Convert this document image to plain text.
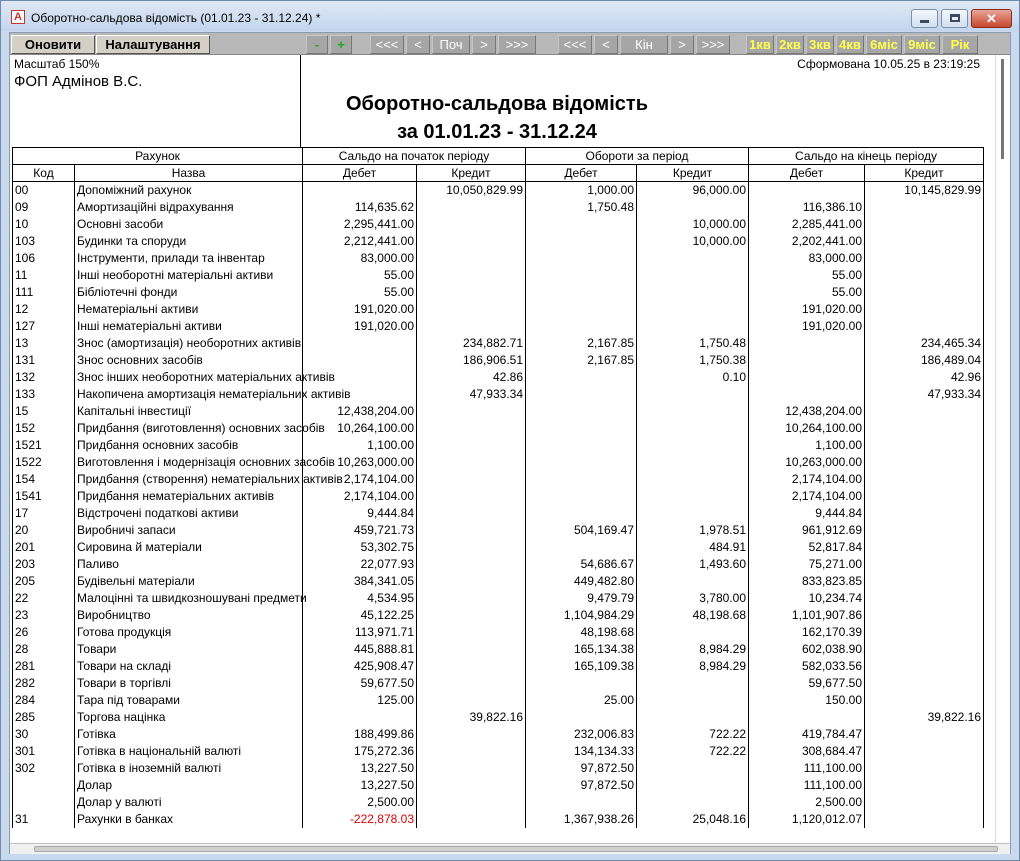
A Оборотно-сальдова відомість (01.01.23 - 31.12.24) *	✕
Оновити	Налаштування	-	+	<<<	<	Поч	>	>>>	<<<	<	Кін	>	>>>	1кв 2кв 3кв 4кв 6міс 9міс	Рік
Масштаб 150%
ФОП Адмінов В.С.
Сформована 10.05.25 в 23:19:25
Оборотно-сальдова відомість
за 01.01.23 - 31.12.24
Рахунок		Сальдо на початок періоду		Обороти за період		Сальдо на кінець періоду	
Код	Назва	Дебет	Кредит	Дебет	Кредит	Дебет	Кредит
00	Допоміжний рахунок		10,050,829.99	1,000.00	96,000.00		10,145,829.99
09	Амортизаційні відрахування	114,635.62		1,750.48		116,386.10	
10	Основні засоби	2,295,441.00			10,000.00	2,285,441.00	
103	Будинки та споруди	2,212,441.00			10,000.00	2,202,441.00	
106	Інструменти, прилади та інвентар	83,000.00				83,000.00	
11	Інші необоротні матеріальні активи	55.00				55.00	
111	Бібліотечні фонди	55.00				55.00	
12	Нематеріальні активи	191,020.00				191,020.00	
127	Інші нематеріальні активи	191,020.00				191,020.00	
13	Знос (амортизація) необоротних активів		234,882.71	2,167.85	1,750.48		234,465.34
131	Знос основних засобів		186,906.51	2,167.85	1,750.38		186,489.04
132	Знос інших необоротних матеріальних активів		42.86		0.10		42.96
133	Накопичена амортизація нематеріальних активів		47,933.34				47,933.34
15	Капітальні інвестиції	12,438,204.00				12,438,204.00	
152	Придбання (виготовлення) основних засобів	10,264,100.00				10,264,100.00	
1521	Придбання основних засобів	1,100.00				1,100.00	
1522	Виготовлення і модернізація основних засобів	10,263,000.00				10,263,000.00	
154	Придбання (створення) нематеріальних активів	2,174,104.00				2,174,104.00	
1541	Придбання нематеріальних активів	2,174,104.00				2,174,104.00	
17	Відстрочені податкові активи	9,444.84				9,444.84	
20	Виробничі запаси	459,721.73		504,169.47	1,978.51	961,912.69	
201	Сировина й матеріали	53,302.75			484.91	52,817.84	
203	Паливо	22,077.93		54,686.67	1,493.60	75,271.00	
205	Будівельні матеріали	384,341.05		449,482.80		833,823.85	
22	Малоцінні та швидкозношувані предмети	4,534.95		9,479.79	3,780.00	10,234.74	
23	Виробництво	45,122.25		1,104,984.29	48,198.68	1,101,907.86	
26	Готова продукція	113,971.71		48,198.68		162,170.39	
28	Товари	445,888.81		165,134.38	8,984.29	602,038.90	
281	Товари на складі	425,908.47		165,109.38	8,984.29	582,033.56	
282	Товари в торгівлі	59,677.50				59,677.50	
284	Тара під товарами	125.00		25.00		150.00	
285	Торгова націнка		39,822.16				39,822.16
30	Готівка	188,499.86		232,006.83	722.22	419,784.47	
301	Готівка в національній валюті	175,272.36		134,134.33	722.22	308,684.47	
302	Готівка в іноземній валюті	13,227.50		97,872.50		111,100.00	
	Долар	13,227.50		97,872.50		111,100.00	
	Долар у валюті	2,500.00				2,500.00	
31	Рахунки в банках	-222,878.03		1,367,938.26	25,048.16	1,120,012.07	
